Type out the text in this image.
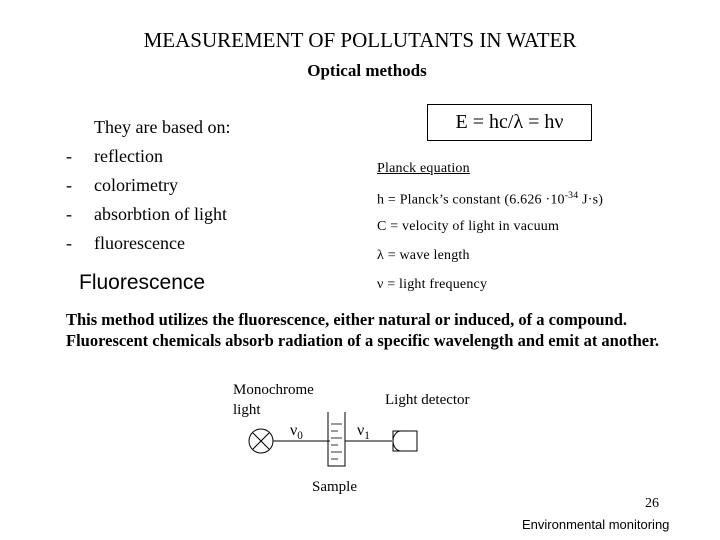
MEASUREMENT OF POLLUTANTS IN WATER
Optical methods
They are based on:
- reflection
- colorimetry
- absorbtion of light
- fluorescence
Fluorescence
E = hc/λ = hν
Planck equation
h = Planck’s constant ($6.626 \cdot 10^{-34}$ J·s)
C = velocity of light in vacuum
λ = wave length
ν = light frequency
This method utilizes the fluorescence, either natural or induced, of a compound. Fluorescent chemicals absorb radiation of a specific wavelength and emit at another.
Monochrome light
Light detector
Sample
$\nu_0$	$\nu_1$
26
Environmental monitoring
